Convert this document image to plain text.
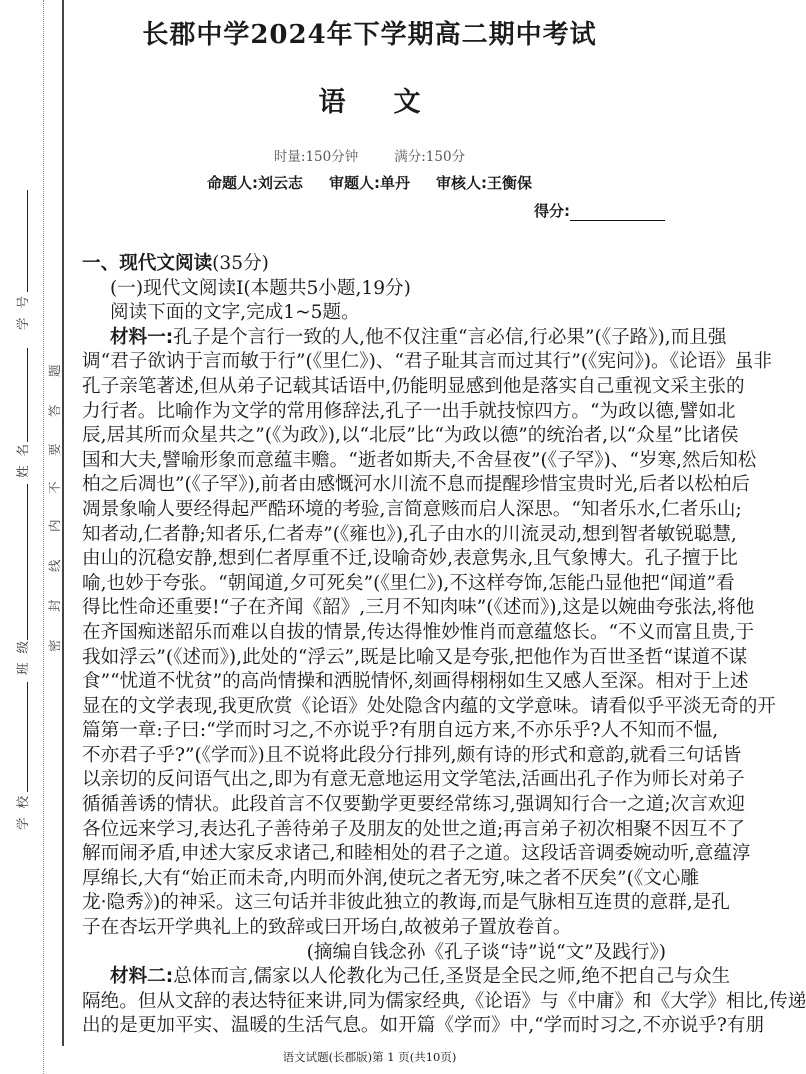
学号
姓名
班级
学校
密
封
线
内
不
要
答
题
长郡中学2024年下学期高二期中考试
语 文
时量:150分钟	满分:150分
命题人:刘云志 审题人:单丹 审核人:王衡保
得分:
一、现代文阅读(35分)
(一)现代文阅读Ⅰ(本题共5小题,19分)
阅读下面的文字,完成1~5题。
材料一:孔子是个言行一致的人,他不仅注重“言必信,行必果”(《子路》),而且强
调“君子欲讷于言而敏于行”(《里仁》)、“君子耻其言而过其行”(《宪问》)。《论语》虽非
孔子亲笔著述,但从弟子记载其话语中,仍能明显感到他是落实自己重视文采主张的
力行者。比喻作为文学的常用修辞法,孔子一出手就技惊四方。“为政以德,譬如北
辰,居其所而众星共之”(《为政》),以“北辰”比“为政以德”的统治者,以“众星”比诸侯
国和大夫,譬喻形象而意蕴丰赡。“逝者如斯夫,不舍昼夜”(《子罕》)、“岁寒,然后知松
柏之后凋也”(《子罕》),前者由感慨河水川流不息而提醒珍惜宝贵时光,后者以松柏后
凋景象喻人要经得起严酷环境的考验,言简意赅而启人深思。“知者乐水,仁者乐山;
知者动,仁者静;知者乐,仁者寿”(《雍也》),孔子由水的川流灵动,想到智者敏锐聪慧,
由山的沉稳安静,想到仁者厚重不迁,设喻奇妙,表意隽永,且气象博大。孔子擅于比
喻,也妙于夸张。“朝闻道,夕可死矣”(《里仁》),不这样夸饰,怎能凸显他把“闻道”看
得比性命还重要!“子在齐闻《韶》,三月不知肉味”(《述而》),这是以婉曲夸张法,将他
在齐国痴迷韶乐而难以自拔的情景,传达得惟妙惟肖而意蕴悠长。“不义而富且贵,于
我如浮云”(《述而》),此处的“浮云”,既是比喻又是夸张,把他作为百世圣哲“谋道不谋
食”“忧道不忧贫”的高尚情操和洒脱情怀,刻画得栩栩如生又感人至深。相对于上述
显在的文学表现,我更欣赏《论语》处处隐含内蕴的文学意味。请看似乎平淡无奇的开
篇第一章:子曰:“学而时习之,不亦说乎?有朋自远方来,不亦乐乎?人不知而不愠,
不亦君子乎?”(《学而》)且不说将此段分行排列,颇有诗的形式和意韵,就看三句话皆
以亲切的反问语气出之,即为有意无意地运用文学笔法,活画出孔子作为师长对弟子
循循善诱的情状。此段首言不仅要勤学更要经常练习,强调知行合一之道;次言欢迎
各位远来学习,表达孔子善待弟子及朋友的处世之道;再言弟子初次相聚不因互不了
解而闹矛盾,申述大家反求诸己,和睦相处的君子之道。这段话音调委婉动听,意蕴淳
厚绵长,大有“始正而未奇,内明而外润,使玩之者无穷,味之者不厌矣”(《文心雕
龙·隐秀》)的神采。这三句话并非彼此独立的教诲,而是气脉相互连贯的意群,是孔
子在杏坛开学典礼上的致辞或曰开场白,故被弟子置放卷首。
(摘编自钱念孙《孔子谈“诗”说“文”及践行》)
材料二:总体而言,儒家以人伦教化为己任,圣贤是全民之师,绝不把自己与众生
隔绝。但从文辞的表达特征来讲,同为儒家经典,《论语》与《中庸》和《大学》相比,传递
出的是更加平实、温暖的生活气息。如开篇《学而》中,“学而时习之,不亦说乎?有朋
语文试题(长郡版)第 1 页(共10页)
